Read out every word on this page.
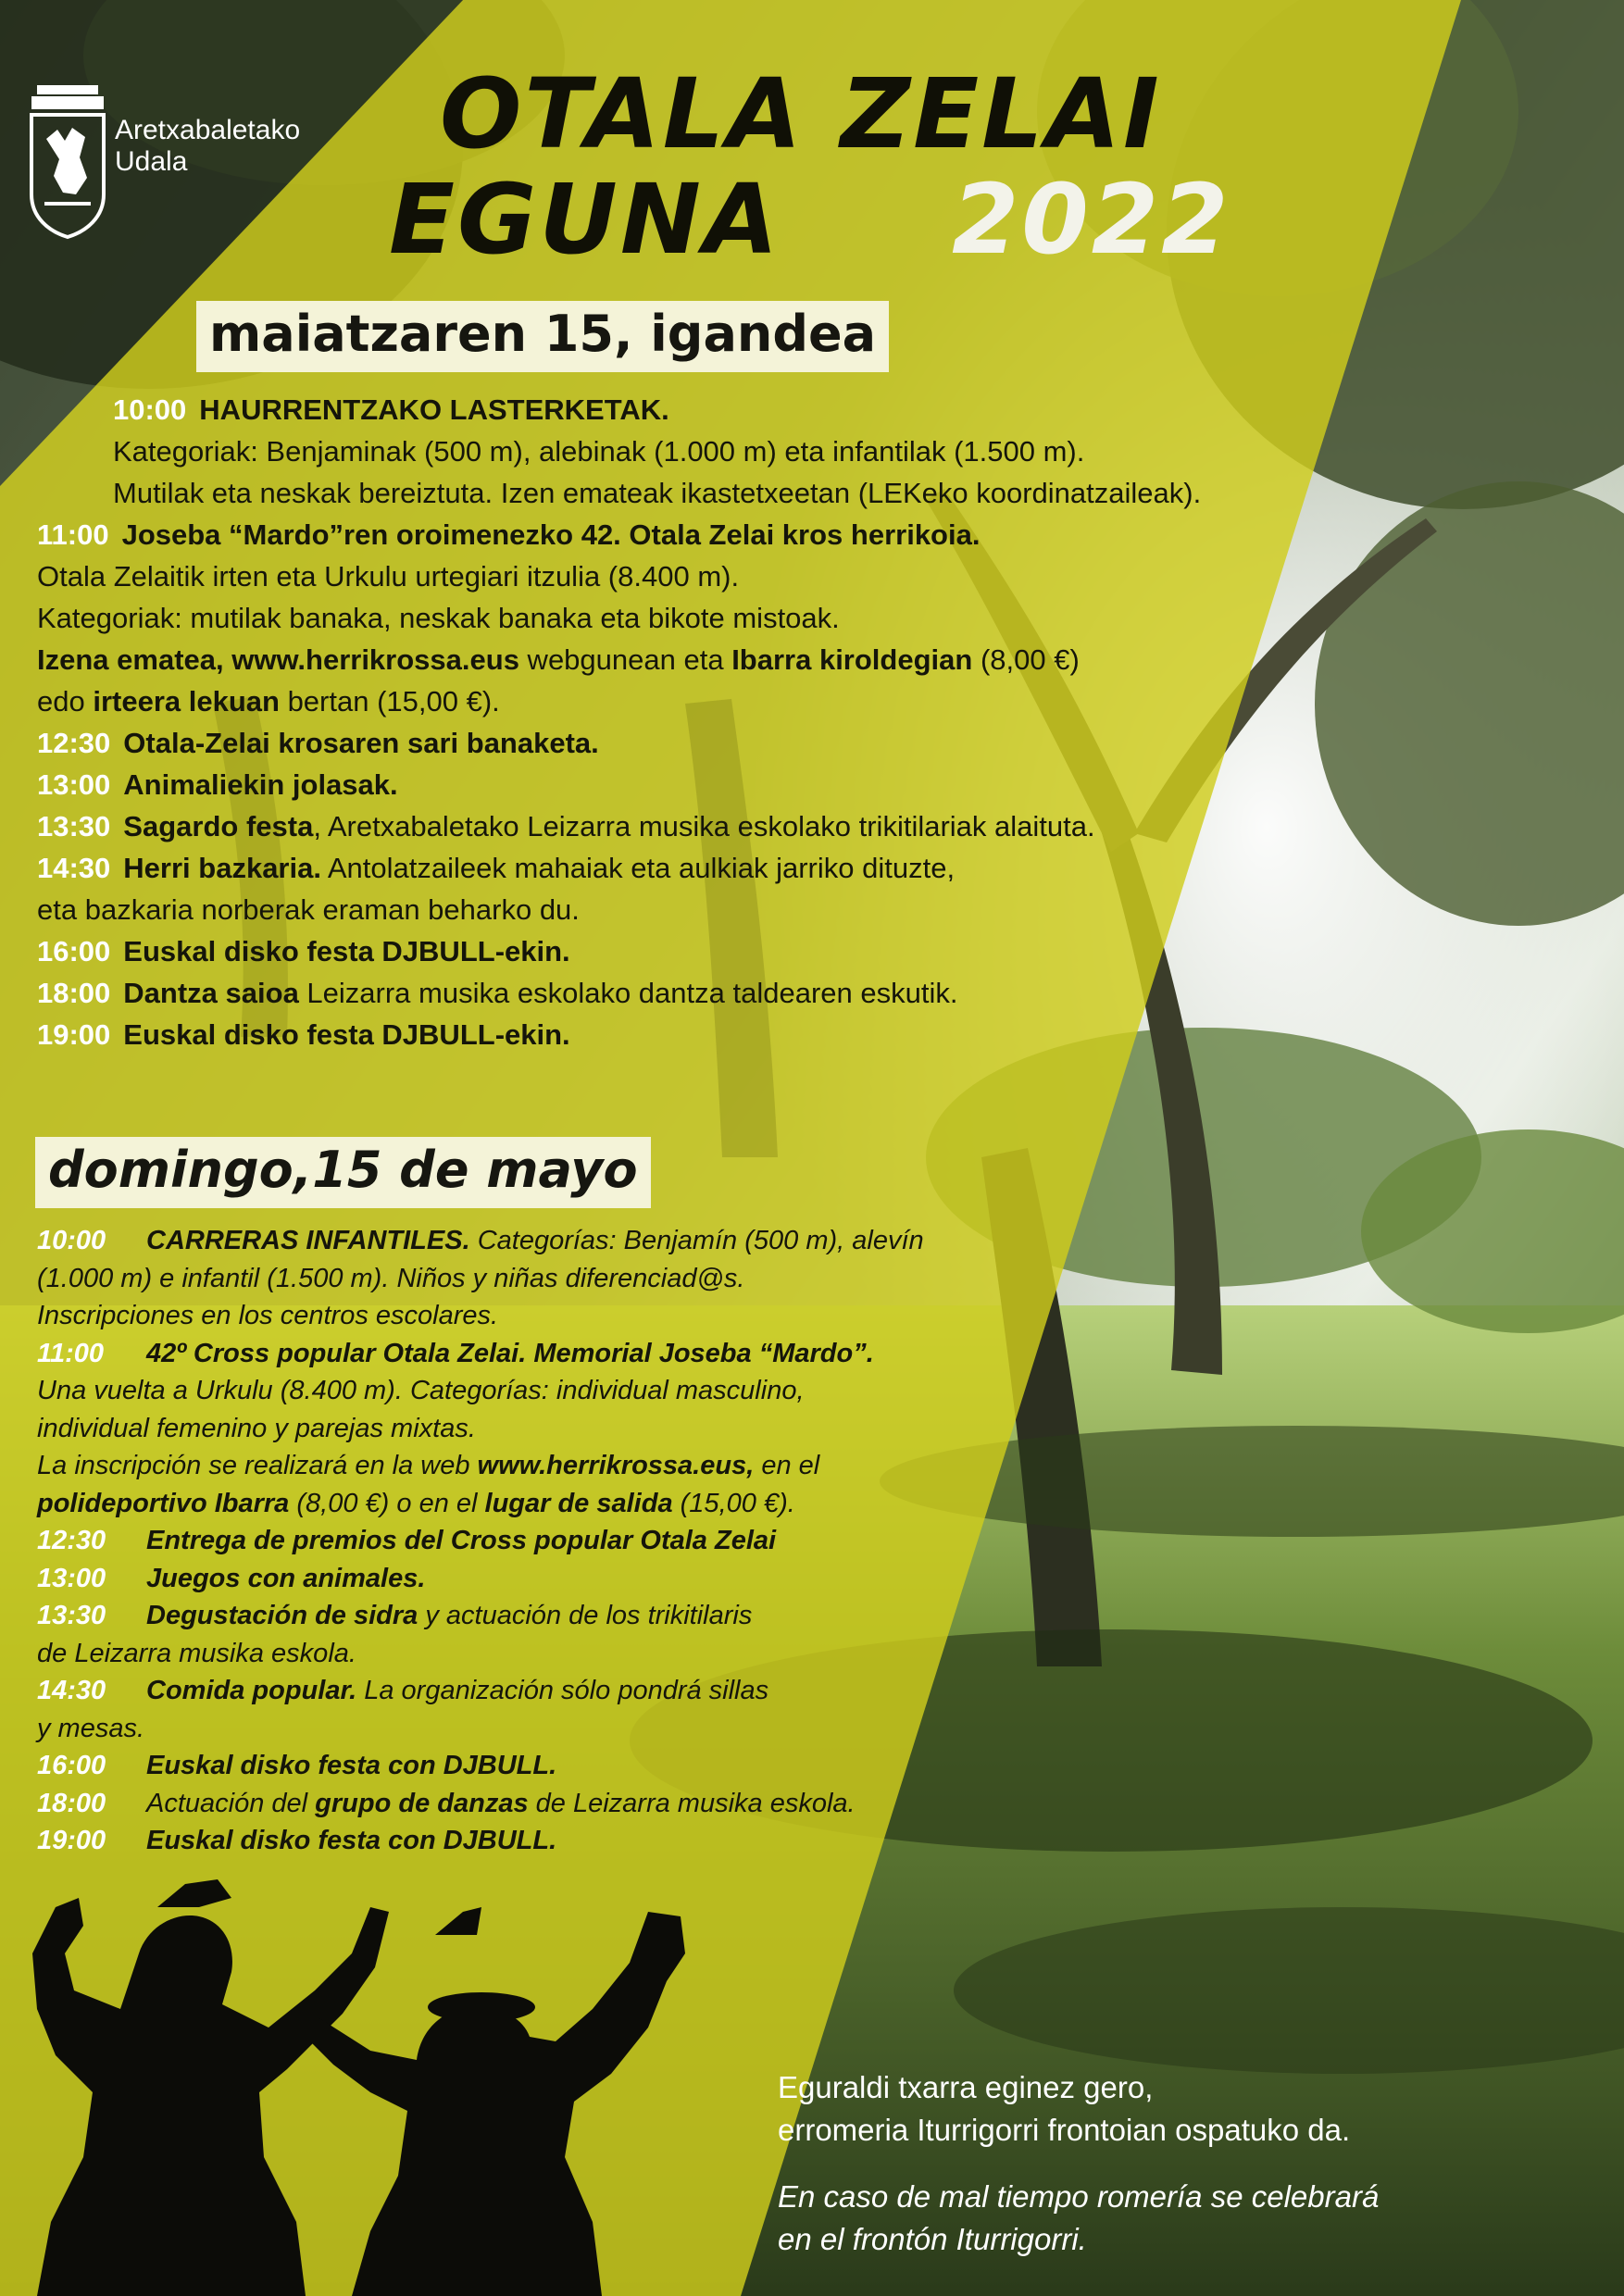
Aretxabaletako
Udala	OTALA ZELAI
EGUNA 2022
maiatzaren 15, igandea
10:00 HAURRENTZAKO LASTERKETAK.
Kategoriak: Benjaminak (500 m), alebinak (1.000 m) eta infantilak (1.500 m).
Mutilak eta neskak bereiztuta. Izen emateak ikastetxeetan (LEKeko koordinatzaileak).
11:00 Joseba “Mardo”ren oroimenezko 42. Otala Zelai kros herrikoia.
Otala Zelaitik irten eta Urkulu urtegiari itzulia (8.400 m).
Kategoriak: mutilak banaka, neskak banaka eta bikote mistoak.
Izena ematea, www.herrikrossa.eus webgunean eta Ibarra kiroldegian (8,00 €)
edo irteera lekuan bertan (15,00 €).
12:30 Otala-Zelai krosaren sari banaketa.
13:00 Animaliekin jolasak.
13:30 Sagardo festa, Aretxabaletako Leizarra musika eskolako trikitilariak alaituta.
14:30 Herri bazkaria. Antolatzaileek mahaiak eta aulkiak jarriko dituzte,
eta bazkaria norberak eraman beharko du.
16:00 Euskal disko festa DJBULL-ekin.
18:00 Dantza saioa Leizarra musika eskolako dantza taldearen eskutik.
19:00 Euskal disko festa DJBULL-ekin.
domingo,15 de mayo
10:00 CARRERAS INFANTILES. Categorías: Benjamín (500 m), alevín
(1.000 m) e infantil (1.500 m). Niños y niñas diferenciad@s.
Inscripciones en los centros escolares.
11:00 42º Cross popular Otala Zelai. Memorial Joseba “Mardo”.
Una vuelta a Urkulu (8.400 m). Categorías: individual masculino,
individual femenino y parejas mixtas.
La inscripción se realizará en la web www.herrikrossa.eus, en el
polideportivo Ibarra (8,00 €) o en el lugar de salida (15,00 €).
12:30 Entrega de premios del Cross popular Otala Zelai
13:00 Juegos con animales.
13:30 Degustación de sidra y actuación de los trikitilaris
de Leizarra musika eskola.
14:30 Comida popular. La organización sólo pondrá sillas
y mesas.
16:00 Euskal disko festa con DJBULL.
18:00 Actuación del grupo de danzas de Leizarra musika eskola.
19:00 Euskal disko festa con DJBULL.
Eguraldi txarra eginez gero,
erromeria Iturrigorri frontoian ospatuko da.
En caso de mal tiempo romería se celebrará
en el frontón Iturrigorri.
